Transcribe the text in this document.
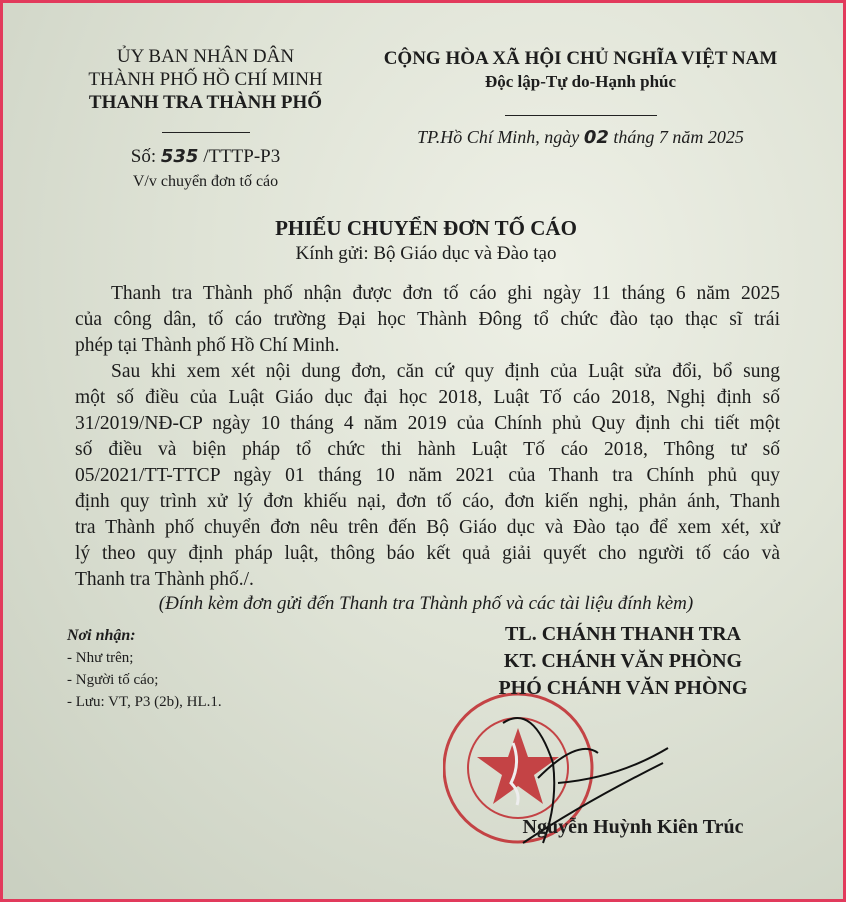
ỦY BAN NHÂN DÂN
THÀNH PHỐ HỒ CHÍ MINH
THANH TRA THÀNH PHỐ
Số: 535 /TTTP-P3
V/v chuyển đơn tố cáo
CỘNG HÒA XÃ HỘI CHỦ NGHĨA VIỆT NAM
Độc lập-Tự do-Hạnh phúc
TP.Hồ Chí Minh, ngày 02 tháng 7 năm 2025
PHIẾU CHUYỂN ĐƠN TỐ CÁO
Kính gửi: Bộ Giáo dục và Đào tạo
Thanh tra Thành phố nhận được đơn tố cáo ghi ngày 11 tháng 6 năm 2025
của công dân, tố cáo trường Đại học Thành Đông tổ chức đào tạo thạc sĩ trái
phép tại Thành phố Hồ Chí Minh.
Sau khi xem xét nội dung đơn, căn cứ quy định của Luật sửa đổi, bổ sung
một số điều của Luật Giáo dục đại học 2018, Luật Tố cáo 2018, Nghị định số
31/2019/NĐ-CP ngày 10 tháng 4 năm 2019 của Chính phủ Quy định chi tiết một
số điều và biện pháp tổ chức thi hành Luật Tố cáo 2018, Thông tư số
05/2021/TT-TTCP ngày 01 tháng 10 năm 2021 của Thanh tra Chính phủ quy
định quy trình xử lý đơn khiếu nại, đơn tố cáo, đơn kiến nghị, phản ánh, Thanh
tra Thành phố chuyển đơn nêu trên đến Bộ Giáo dục và Đào tạo để xem xét, xử
lý theo quy định pháp luật, thông báo kết quả giải quyết cho người tố cáo và
Thanh tra Thành phố./.
(Đính kèm đơn gửi đến Thanh tra Thành phố và các tài liệu đính kèm)
Nơi nhận:
- Như trên;
- Người tố cáo;
- Lưu: VT, P3 (2b), HL.1.
TL. CHÁNH THANH TRA
KT. CHÁNH VĂN PHÒNG
PHÓ CHÁNH VĂN PHÒNG
Nguyễn Huỳnh Kiên Trúc
